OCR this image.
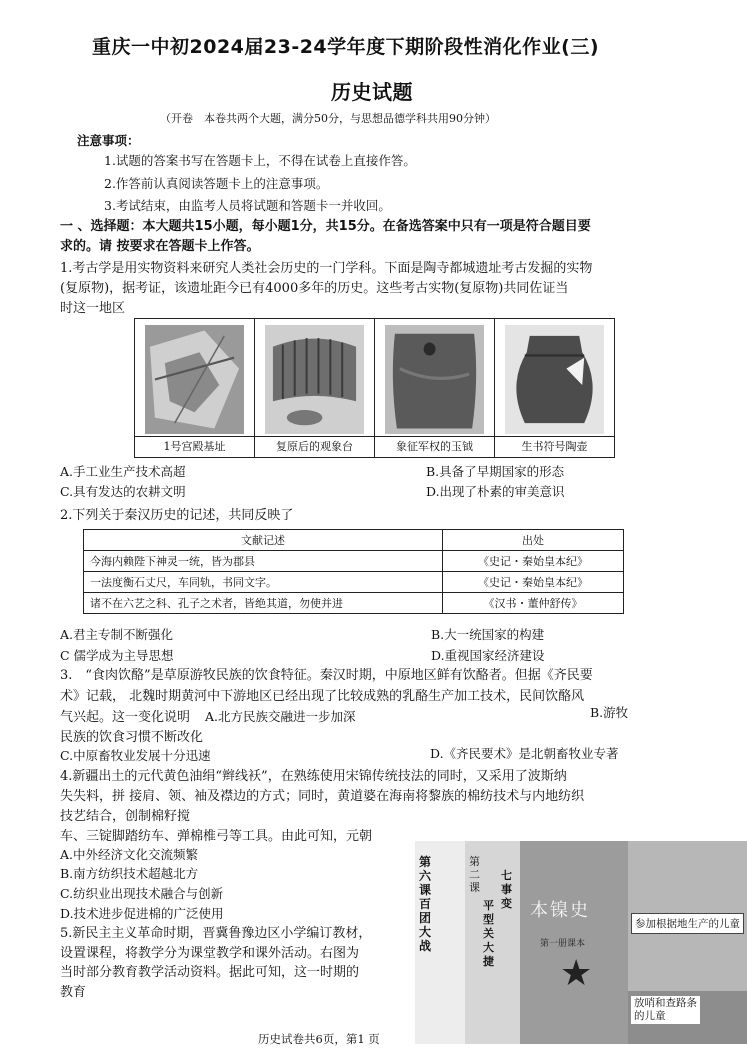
重庆一中初2024届23-24学年度下期阶段性消化作业(三)
历史试题
（开卷　本卷共两个大题，满分50分，与思想品德学科共用90分钟）
注意事项：
1.试题的答案书写在答题卡上，不得在试卷上直接作答。
2.作答前认真阅读答题卡上的注意事项。
3.考试结束，由监考人员将试题和答题卡一并收回。
一 、选择题：本大题共15小题，每小题1分，共15分。在备选答案中只有一项是符合题目要
求的。请 按要求在答题卡上作答。
1.考古学是用实物资料来研究人类社会历史的一门学科。下面是陶寺都城遗址考古发掘的实物
(复原物)，据考证，该遗址距今已有4000多年的历史。这些考古实物(复原物)共同佐证当
时这一地区
1号宫殿基址	复原后的观象台	象征军权的玉钺	生书符号陶壶
A.手工业生产技术高超	B.具备了早期国家的形态
C.具有发达的农耕文明	D.出现了朴素的审美意识
2.下列关于秦汉历史的记述，共同反映了
文献记述	出处
今海内赖陛下神灵一统，皆为郡县	《史记・秦始皇本纪》
一法度衡石丈尺，车同轨，书同文字。	《史记・秦始皇本纪》
诸不在六艺之科、孔子之术者，皆绝其道，勿使并进	《汉书・董仲舒传》
A.君主专制不断强化	B.大一统国家的构建
C 儒学成为主导思想	D.重视国家经济建设
3.　“食肉饮酪”是草原游牧民族的饮食特征。秦汉时期，中原地区鲜有饮酪者。但据《齐民要
术》记载， 北魏时期黄河中下游地区已经出现了比较成熟的乳酪生产加工技术，民间饮酪风
气兴起。这一变化说明 A.北方民族交融进一步加深	B.游牧
民族的饮食习惯不断改化
C.中原畜牧业发展十分迅速	D.《齐民要术》是北朝畜牧业专著
4.新疆出土的元代黄色油绢“辫线袄”，在熟练使用宋锦传统技法的同时，又采用了波斯纳
失失料，拼 接肩、领、袖及襟边的方式；同时，黄道婆在海南将黎族的棉纺技术与内地纺织
技艺结合，创制棉籽搅
车、三锭脚踏纺车、弹棉椎弓等工具。由此可知，元朝
A.中外经济文化交流频繁
B.南方纺织技术超越北方
C.纺织业出现技术融合与创新
D.技术进步促进棉的广泛使用
5.新民主主义革命时期，晋冀鲁豫边区小学编订教材，
设置课程，将教学分为课堂教学和课外活动。右图为
当时部分教育教学活动资料。据此可知，这一时期的
教育
第
六
课
百
团
大
战
第
二
课
平
型
关
大
捷
七
事
变 本镍史
第一册课本
★
参加根据地生产的儿童
放哨和查路条
的儿童
历史试卷共6页，第1 页
